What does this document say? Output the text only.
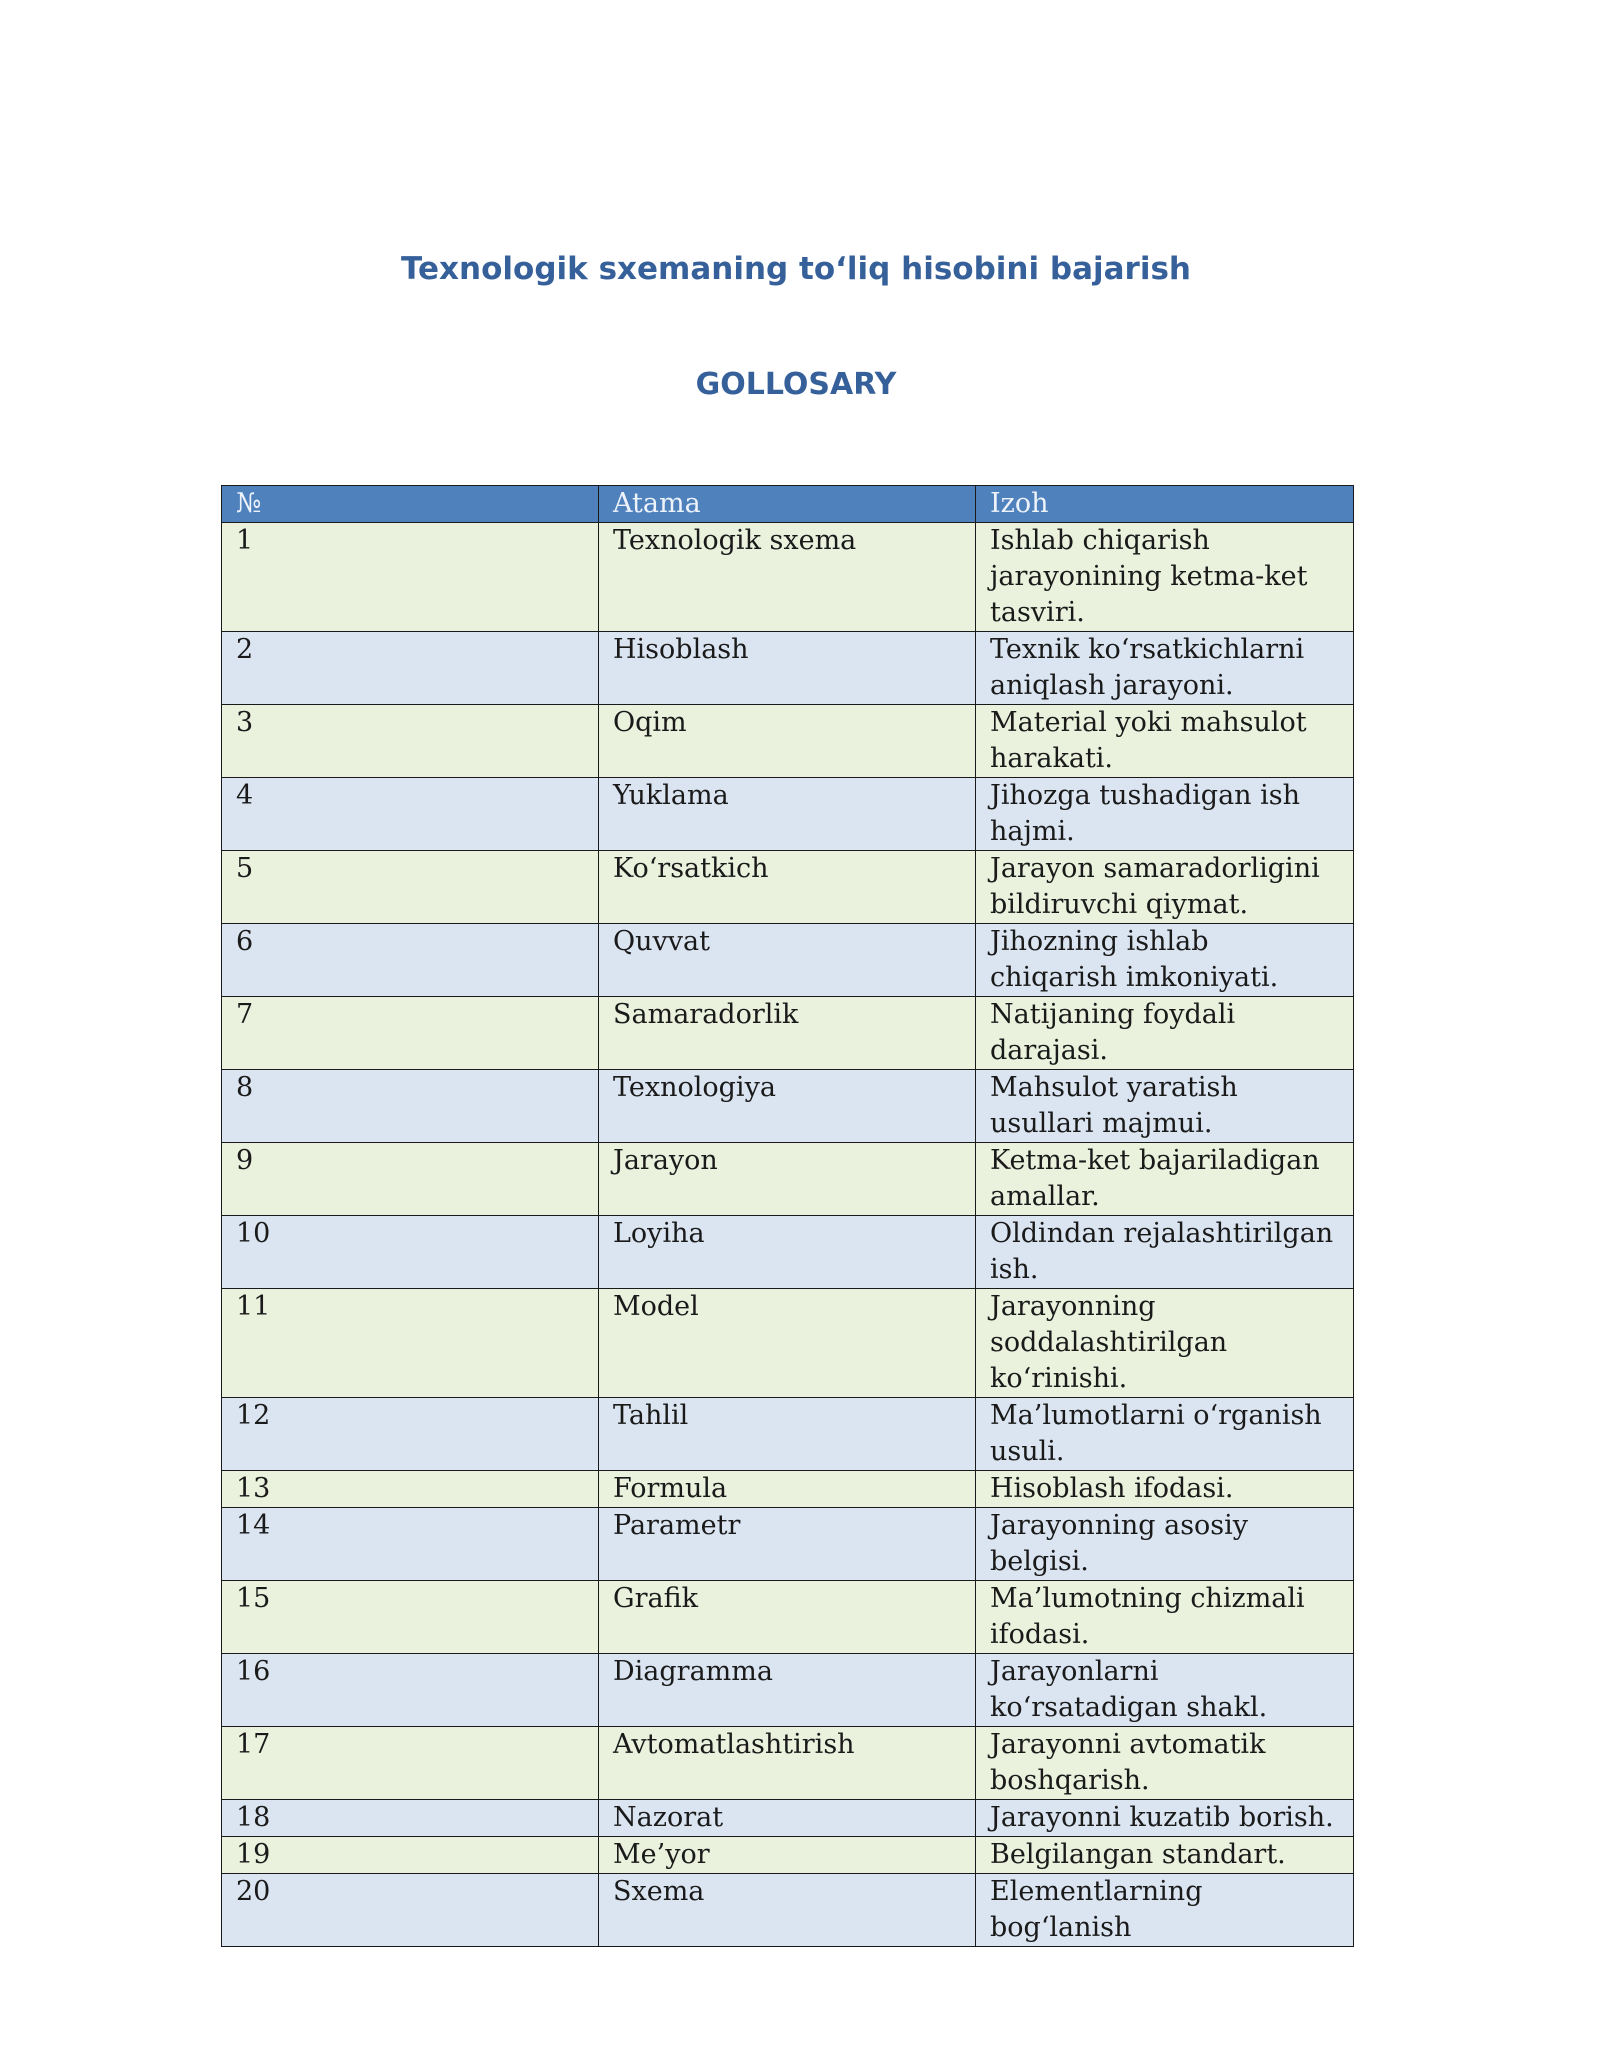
Texnologik sxemaning to‘liq hisobini bajarish
GOLLOSARY
№	Atama	Izoh
1	Texnologik sxema	Ishlab chiqarish jarayonining ketma-ket tasviri.
2	Hisoblash	Texnik ko‘rsatkichlarni aniqlash jarayoni.
3	Oqim	Material yoki mahsulot harakati.
4	Yuklama	Jihozga tushadigan ish hajmi.
5	Ko‘rsatkich	Jarayon samaradorligini bildiruvchi qiymat.
6	Quvvat	Jihozning ishlab chiqarish imkoniyati.
7	Samaradorlik	Natijaning foydali darajasi.
8	Texnologiya	Mahsulot yaratish usullari majmui.
9	Jarayon	Ketma-ket bajariladigan amallar.
10	Loyiha	Oldindan rejalashtirilgan ish.
11	Model	Jarayonning soddalashtirilgan ko‘rinishi.
12	Tahlil	Ma’lumotlarni o‘rganish usuli.
13	Formula	Hisoblash ifodasi.
14	Parametr	Jarayonning asosiy belgisi.
15	Grafik	Ma’lumotning chizmali ifodasi.
16	Diagramma	Jarayonlarni ko‘rsatadigan shakl.
17	Avtomatlashtirish	Jarayonni avtomatik boshqarish.
18	Nazorat	Jarayonni kuzatib borish.
19	Me’yor	Belgilangan standart.
20	Sxema	Elementlarning bog‘lanish
